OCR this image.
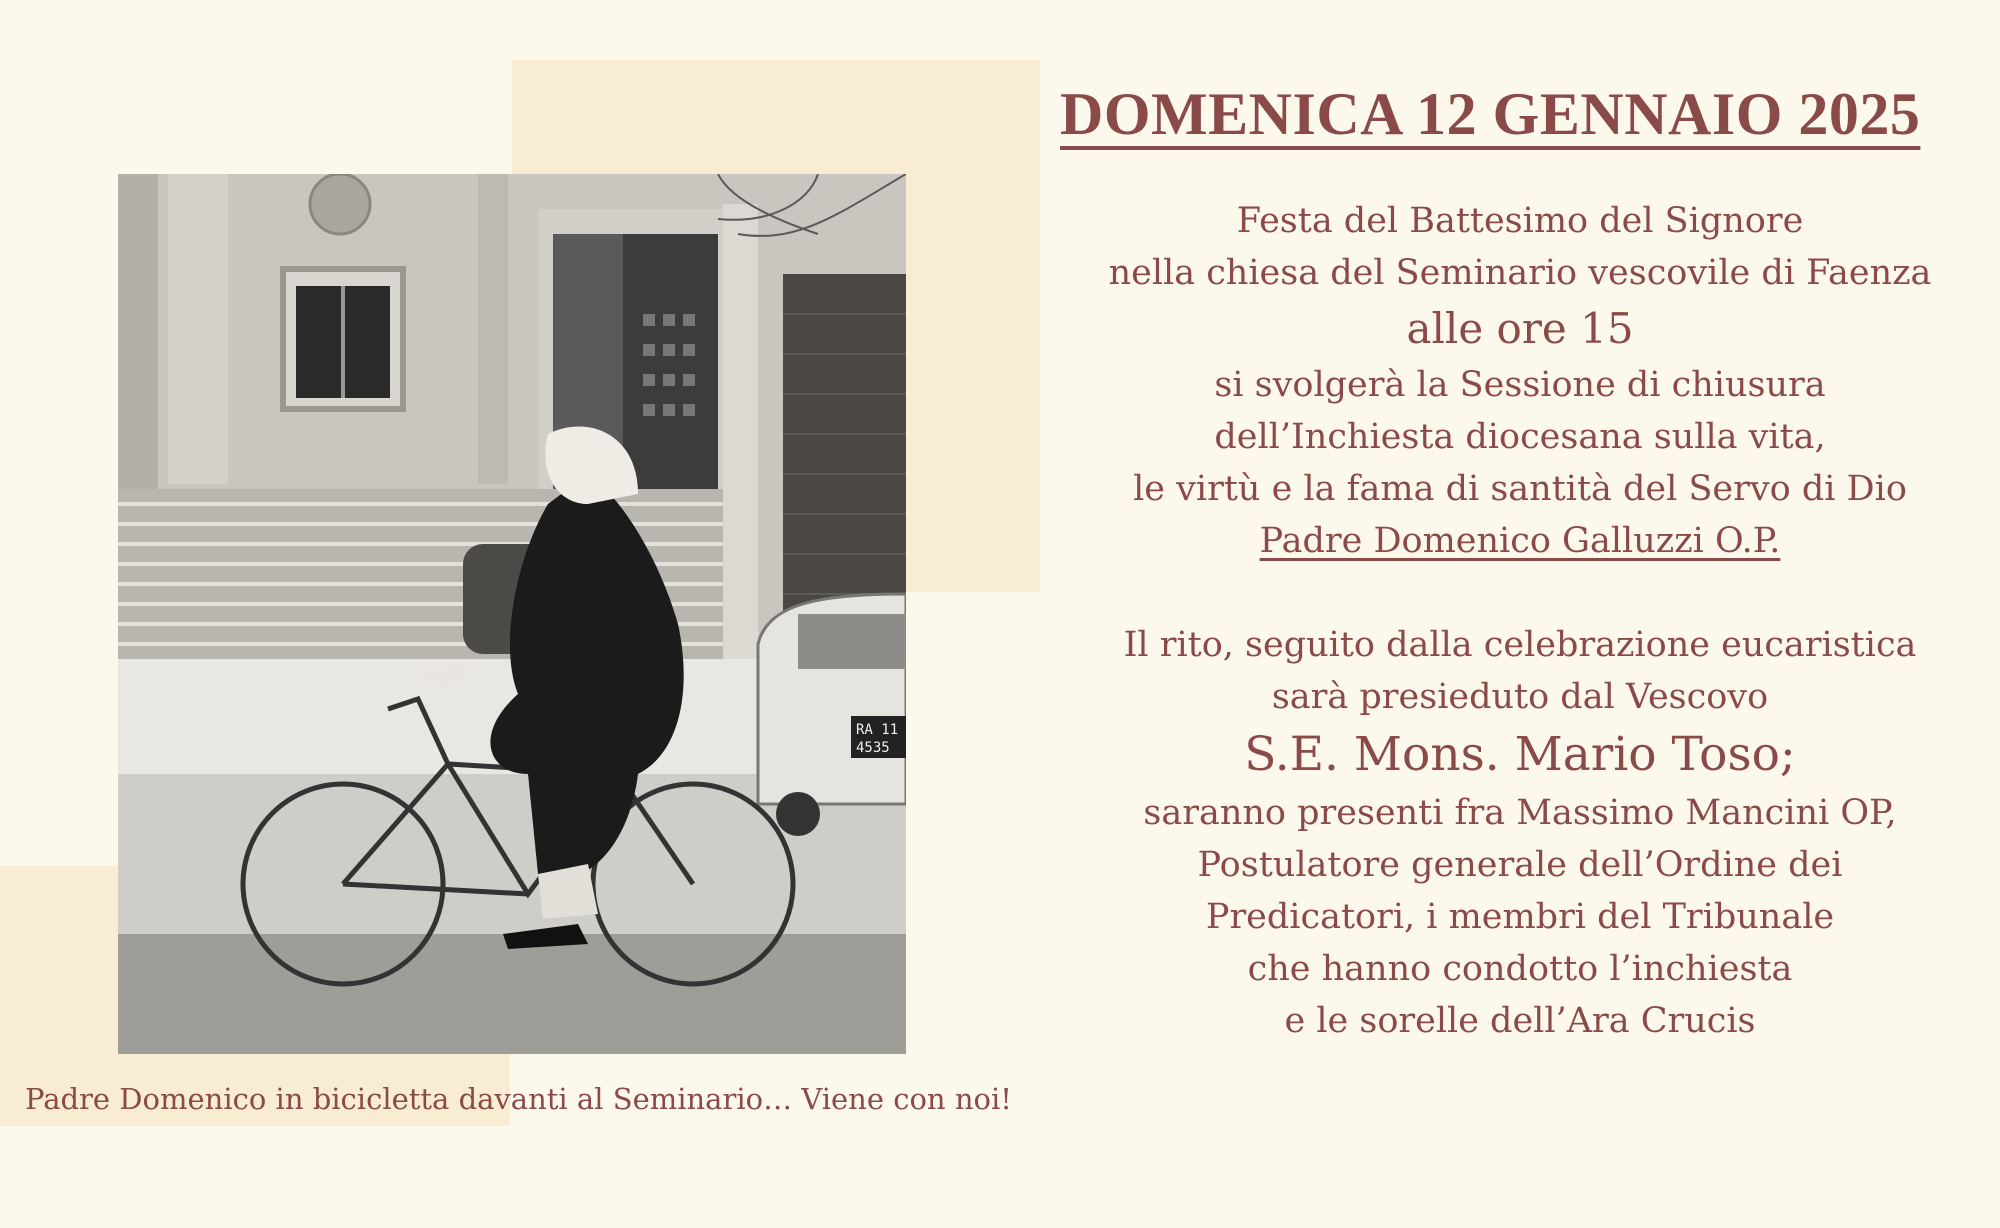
RA 11
4535
Padre Domenico in bicicletta davanti al Seminario… Viene con noi!
DOMENICA 12 GENNAIO 2025
Festa del Battesimo del Signore
nella chiesa del Seminario vescovile di Faenza
alle ore 15
si svolgerà la Sessione di chiusura
dell’Inchiesta diocesana sulla vita,
le virtù e la fama di santità del Servo di Dio
Padre Domenico Galluzzi O.P.
Il rito, seguito dalla celebrazione eucaristica
sarà presieduto dal Vescovo
S.E. Mons. Mario Toso;
saranno presenti fra Massimo Mancini OP,
Postulatore generale dell’Ordine dei
Predicatori, i membri del Tribunale
che hanno condotto l’inchiesta
e le sorelle dell’Ara Crucis
